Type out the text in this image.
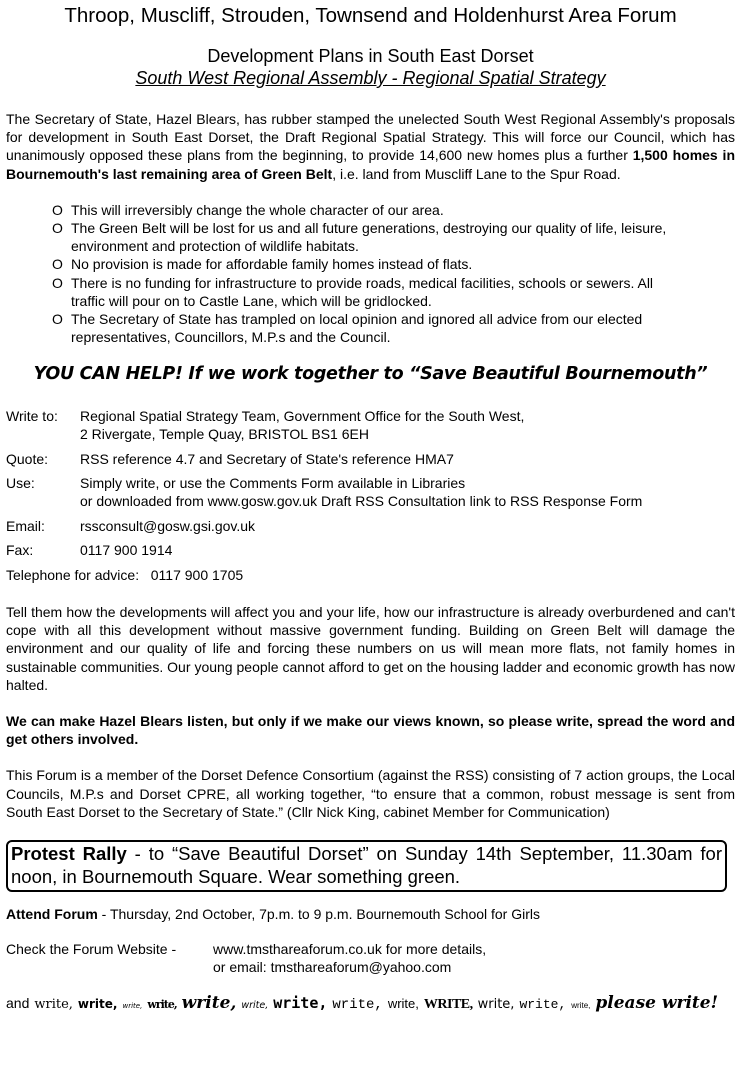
Throop, Muscliff, Strouden, Townsend and Holdenhurst Area Forum
Development Plans in South East Dorset
South West Regional Assembly - Regional Spatial Strategy

The Secretary of State, Hazel Blears, has rubber stamped the unelected South West Regional Assembly's proposals for development in South East Dorset, the Draft Regional Spatial Strategy. This will force our Council, which has unanimously opposed these plans from the beginning, to provide 14,600 new homes plus a further 1,500 homes in Bournemouth's last remaining area of Green Belt, i.e. land from Muscliff Lane to the Spur Road.

O This will irreversibly change the whole character of our area.
O The Green Belt will be lost for us and all future generations, destroying our quality of life, leisure, environment and protection of wildlife habitats.
O No provision is made for affordable family homes instead of flats.
O There is no funding for infrastructure to provide roads, medical facilities, schools or sewers. All traffic will pour on to Castle Lane, which will be gridlocked.
O The Secretary of State has trampled on local opinion and ignored all advice from our elected representatives, Councillors, M.P.s and the Council.
YOU CAN HELP! If we work together to “Save Beautiful Bournemouth”
Write to:	Regional Spatial Strategy Team, Government Office for the South West,
2 Rivergate, Temple Quay, BRISTOL BS1 6EH
Quote:	RSS reference 4.7 and Secretary of State's reference HMA7
Use:	Simply write, or use the Comments Form available in Libraries
or downloaded from www.gosw.gov.uk Draft RSS Consultation link to RSS Response Form
Email:	rssconsult@gosw.gsi.gov.uk
Fax:	0117 900 1914
Telephone for advice: 0117 900 1705

Tell them how the developments will affect you and your life, how our infrastructure is already overburdened and can't cope with all this development without massive government funding. Building on Green Belt will damage the environment and our quality of life and forcing these numbers on us will mean more flats, not family homes in sustainable communities. Our young people cannot afford to get on the housing ladder and economic growth has now halted.

We can make Hazel Blears listen, but only if we make our views known, so please write, spread the word and get others involved.

This Forum is a member of the Dorset Defence Consortium (against the RSS) consisting of 7 action groups, the Local Councils, M.P.s and Dorset CPRE, all working together, “to ensure that a common, robust message is sent from South East Dorset to the Secretary of State.” (Cllr Nick King, cabinet Member for Communication)

Protest Rally - to “Save Beautiful Dorset” on Sunday 14th September, 11.30am for noon, in Bournemouth Square. Wear something green.
Attend Forum - Thursday, 2nd October, 7p.m. to 9 p.m. Bournemouth School for Girls
Check the Forum Website -	www.tmsthareaforum.co.uk for more details,
or email: tmsthareaforum@yahoo.com
and write, write, write, write, write, write, write, write, write, WRITE, write, write, write, please write!
